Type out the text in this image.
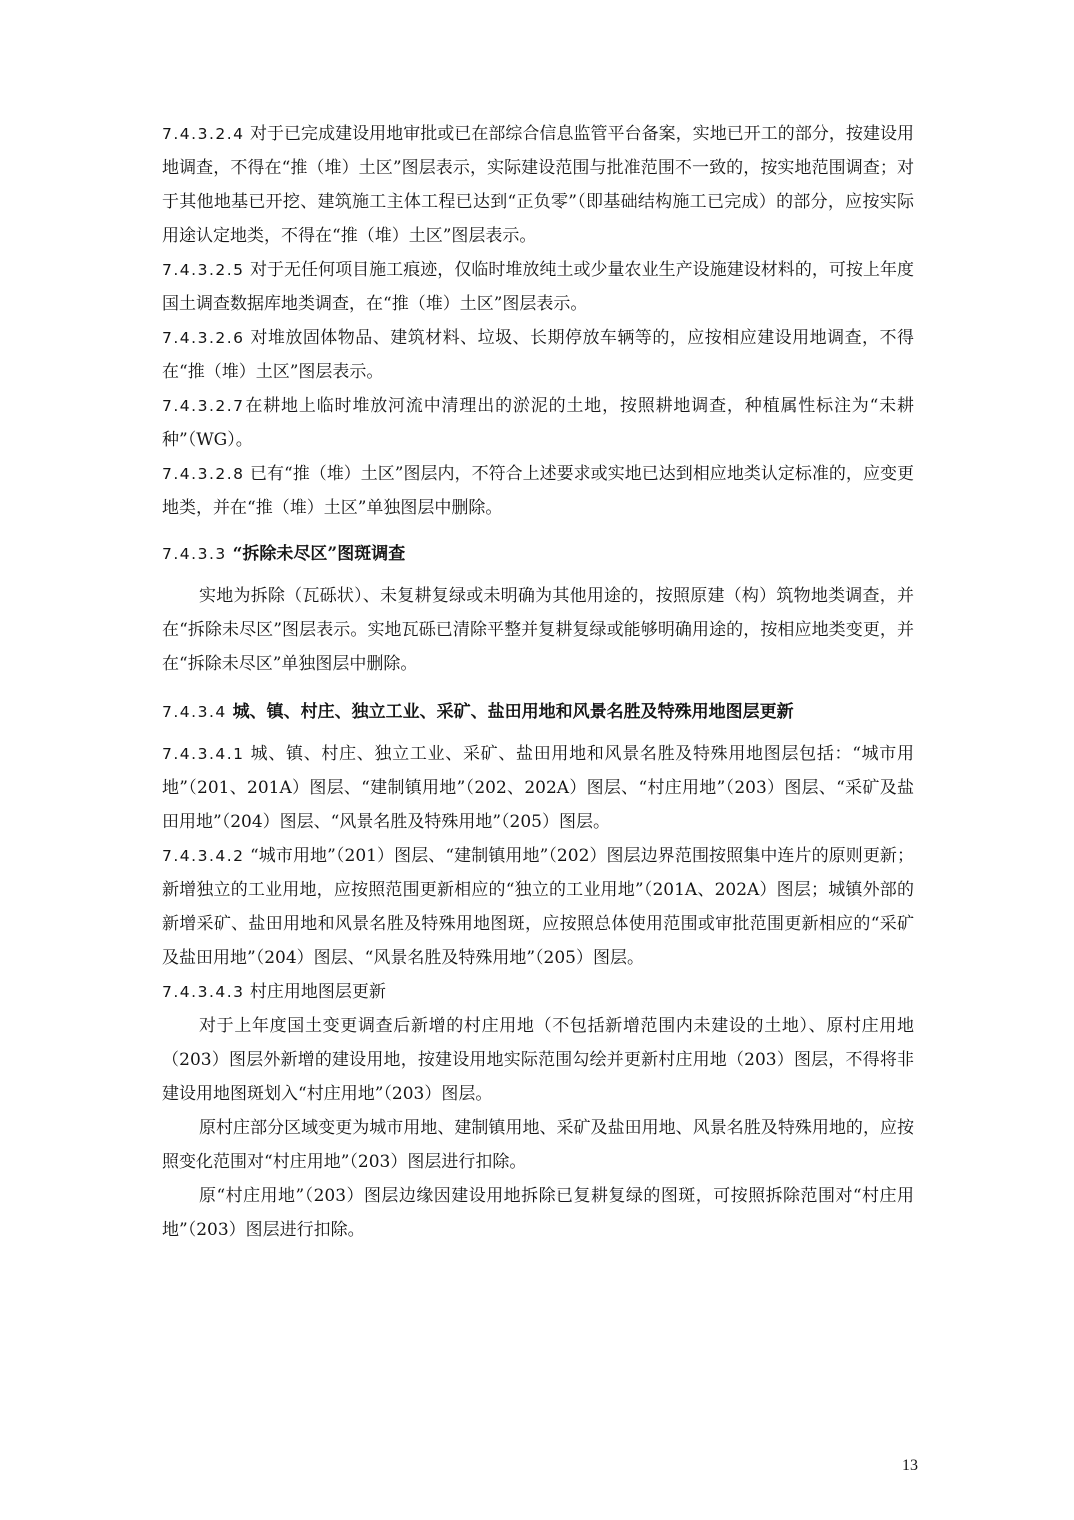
7.4.3.2.4 对于已完成建设用地审批或已在部综合信息监管平台备案，实地已开工的部分，按建设用地调查，不得在“推（堆）土区”图层表示，实际建设范围与批准范围不一致的，按实地范围调查；对于其他地基已开挖、建筑施工主体工程已达到“正负零”（即基础结构施工已完成）的部分，应按实际用途认定地类，不得在“推（堆）土区”图层表示。

7.4.3.2.5 对于无任何项目施工痕迹，仅临时堆放纯土或少量农业生产设施建设材料的，可按上年度国土调查数据库地类调查，在“推（堆）土区”图层表示。

7.4.3.2.6 对堆放固体物品、建筑材料、垃圾、长期停放车辆等的，应按相应建设用地调查，不得在“推（堆）土区”图层表示。

7.4.3.2.7在耕地上临时堆放河流中清理出的淤泥的土地，按照耕地调查，种植属性标注为“未耕种”（WG）。

7.4.3.2.8 已有“推（堆）土区”图层内，不符合上述要求或实地已达到相应地类认定标准的，应变更地类，并在“推（堆）土区”单独图层中删除。

7.4.3.3 “拆除未尽区”图斑调查

实地为拆除（瓦砾状）、未复耕复绿或未明确为其他用途的，按照原建（构）筑物地类调查，并在“拆除未尽区”图层表示。实地瓦砾已清除平整并复耕复绿或能够明确用途的，按相应地类变更，并在“拆除未尽区”单独图层中删除。

7.4.3.4 城、镇、村庄、独立工业、采矿、盐田用地和风景名胜及特殊用地图层更新

7.4.3.4.1 城、镇、村庄、独立工业、采矿、盐田用地和风景名胜及特殊用地图层包括：“城市用地”（201、201A）图层、“建制镇用地”（202、202A）图层、“村庄用地”（203）图层、“采矿及盐田用地”（204）图层、“风景名胜及特殊用地”（205）图层。

7.4.3.4.2 “城市用地”（201）图层、“建制镇用地”（202）图层边界范围按照集中连片的原则更新；新增独立的工业用地，应按照范围更新相应的“独立的工业用地”（201A、202A）图层；城镇外部的新增采矿、盐田用地和风景名胜及特殊用地图斑，应按照总体使用范围或审批范围更新相应的“采矿及盐田用地”（204）图层、“风景名胜及特殊用地”（205）图层。

7.4.3.4.3 村庄用地图层更新

对于上年度国土变更调查后新增的村庄用地（不包括新增范围内未建设的土地）、原村庄用地（203）图层外新增的建设用地，按建设用地实际范围勾绘并更新村庄用地（203）图层，不得将非建设用地图斑划入“村庄用地”（203）图层。

原村庄部分区域变更为城市用地、建制镇用地、采矿及盐田用地、风景名胜及特殊用地的，应按照变化范围对“村庄用地”（203）图层进行扣除。

原“村庄用地”（203）图层边缘因建设用地拆除已复耕复绿的图斑，可按照拆除范围对“村庄用地”（203）图层进行扣除。

13
